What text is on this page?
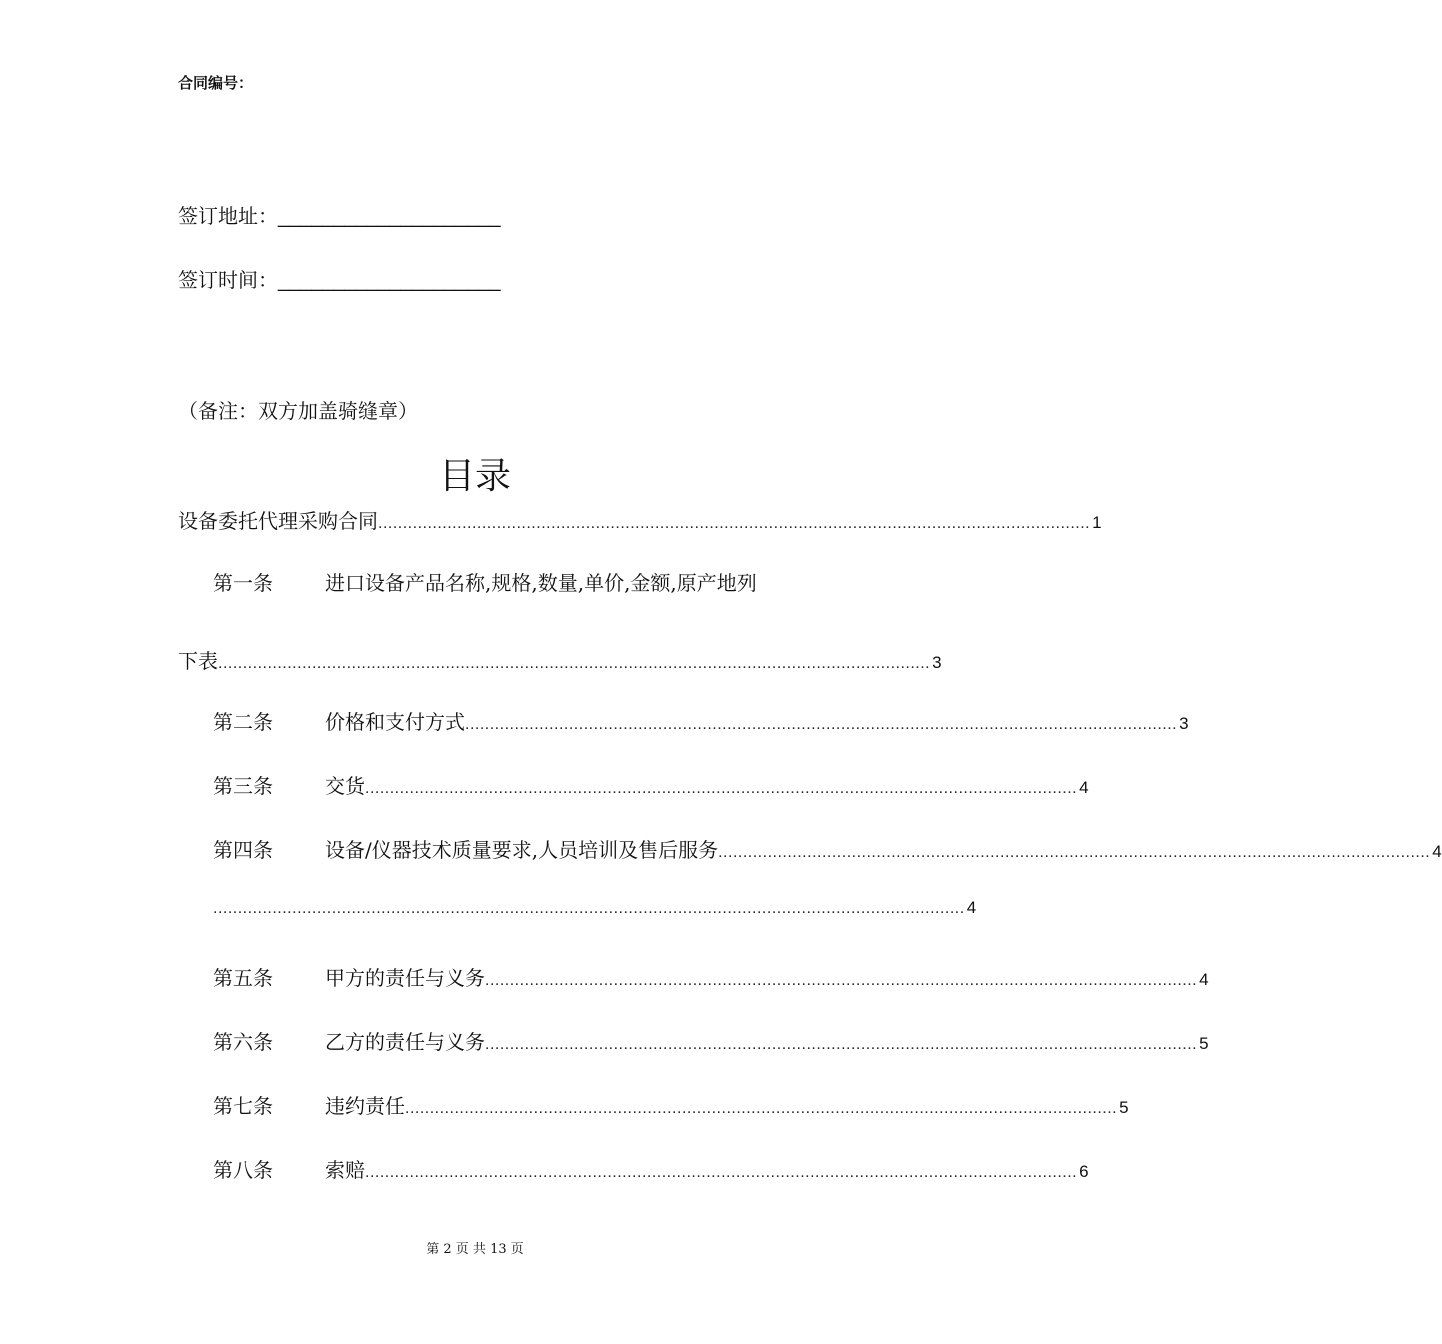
合同编号：
签订地址：____________________
签订时间：____________________
（备注：双方加盖骑缝章）
目录
设备委托代理采购合同 ................................................................................................................................................ 1
第一条	进口设备产品名称,规格,数量,单价,金额,原产地列
下表 ................................................................................................................................................ 3
第二条	价格和支付方式 ................................................................................................................................................ 3
第三条	交货 ................................................................................................................................................ 4
第四条	设备/仪器技术质量要求,人员培训及售后服务 ................................................................................................................................................ 4
........................................................................................................................................................ 4
第五条	甲方的责任与义务 ................................................................................................................................................ 4
第六条	乙方的责任与义务 ................................................................................................................................................ 5
第七条	违约责任 ................................................................................................................................................ 5
第八条	索赔 ................................................................................................................................................ 6
第 2 页 共 13 页
